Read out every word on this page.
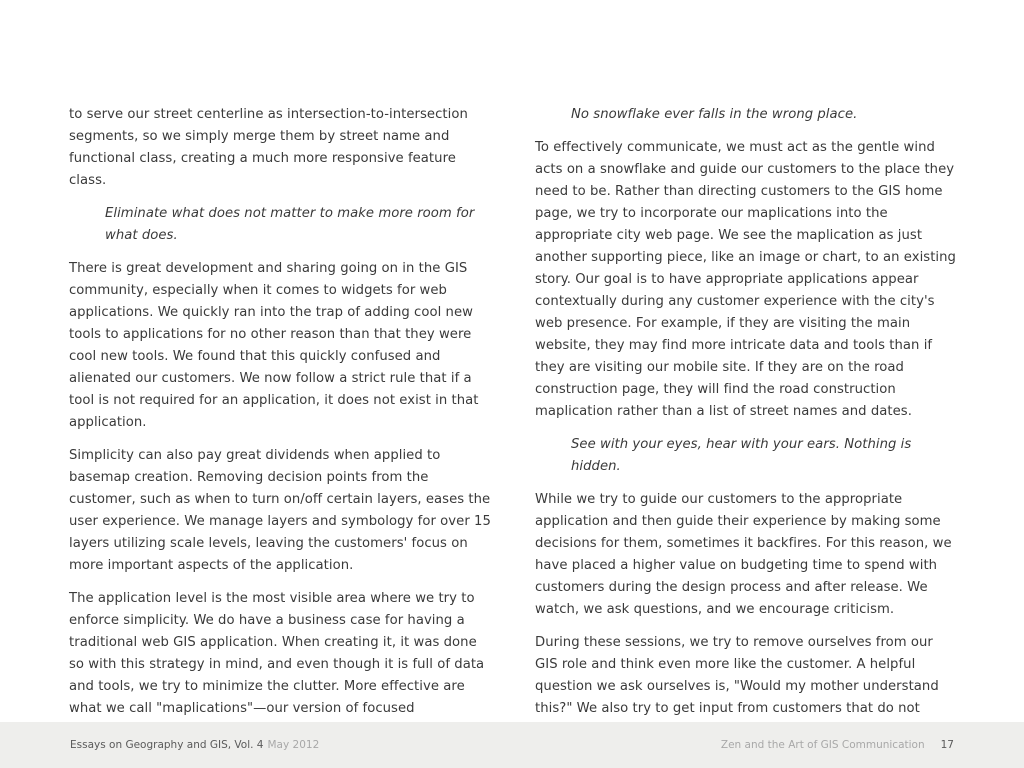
to serve our street centerline as intersection-to-intersection segments, so we simply merge them by street name and functional class, creating a much more responsive feature class.

Eliminate what does not matter to make more room for what does.

There is great development and sharing going on in the GIS community, especially when it comes to widgets for web applications. We quickly ran into the trap of adding cool new tools to applications for no other reason than that they were cool new tools. We found that this quickly confused and alienated our customers. We now follow a strict rule that if a tool is not required for an application, it does not exist in that application.

Simplicity can also pay great dividends when applied to basemap creation. Removing decision points from the customer, such as when to turn on/off certain layers, eases the user experience. We manage layers and symbology for over 15 layers utilizing scale levels, leaving the customers' focus on more important aspects of the application.

The application level is the most visible area where we try to enforce simplicity. We do have a business case for having a traditional web GIS application. When creating it, it was done so with this strategy in mind, and even though it is full of data and tools, we try to minimize the clutter. More effective are what we call "maplications"—our version of focused

No snowflake ever falls in the wrong place.

To effectively communicate, we must act as the gentle wind acts on a snowflake and guide our customers to the place they need to be. Rather than directing customers to the GIS home page, we try to incorporate our maplications into the appropriate city web page. We see the maplication as just another supporting piece, like an image or chart, to an existing story. Our goal is to have appropriate applications appear contextually during any customer experience with the city's web presence. For example, if they are visiting the main website, they may find more intricate data and tools than if they are visiting our mobile site. If they are on the road construction page, they will find the road construction maplication rather than a list of street names and dates.

See with your eyes, hear with your ears. Nothing is hidden.

While we try to guide our customers to the appropriate application and then guide their experience by making some decisions for them, sometimes it backfires. For this reason, we have placed a higher value on budgeting time to spend with customers during the design process and after release. We watch, we ask questions, and we encourage criticism.

During these sessions, we try to remove ourselves from our GIS role and think even more like the customer. A helpful question we ask ourselves is, "Would my mother understand this?" We also try to get input from customers that do not

Essays on Geography and GIS, Vol. 4 May 2012	Zen and the Art of GIS Communication 17
